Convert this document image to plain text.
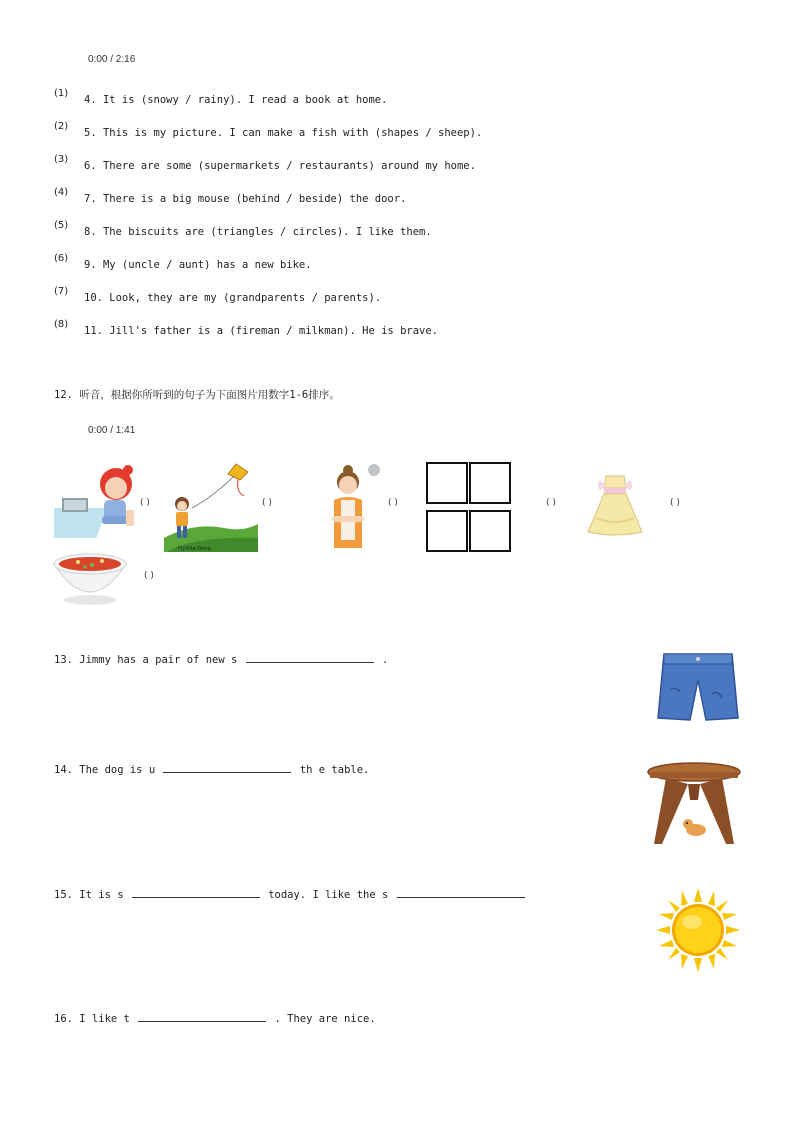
0:00 / 2:16
(1)
4. It is (snowy / rainy). I read a book at home.
(2)
5. This is my picture. I can make a fish with (shapes / sheep).
(3)
6. There are some (supermarkets / restaurants) around my home.
(4)
7. There is a big mouse (behind / beside) the door.
(5)
8. The biscuits are (triangles / circles). I like them.
(6)
9. My (uncle / aunt) has a new bike.
(7)
10. Look, they are my (grandparents / parents).
(8)
11. Jill's father is a (fireman / milkman). He is brave.
12. 听音，根据你所听到的句子为下面图片用数字1-6排序。
0:00 / 1:41
( )
Fly.Kite.Done
( )	( )	( )	( )
( )
13. Jimmy has a pair of new s	.
14. The dog is u	th e table.
15. It is s	today. I like the s
16. I like t	. They are nice.
